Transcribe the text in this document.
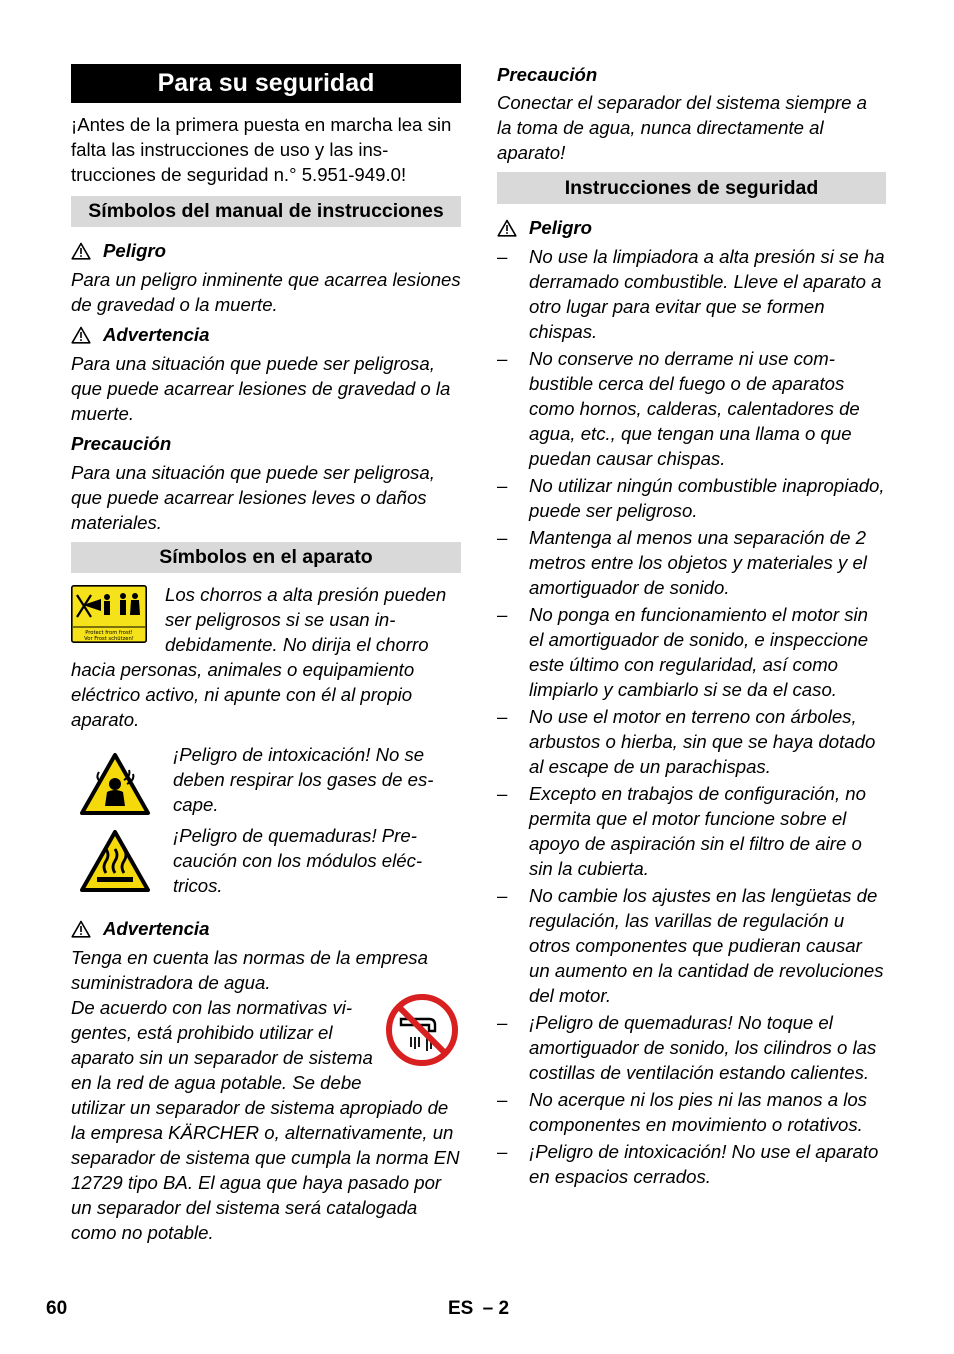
Para su seguridad

¡Antes de la primera puesta en marcha lea sin falta las instrucciones de uso y las instrucciones de seguridad n.° 5.951-949.0!

Símbolos del manual de instrucciones
Peligro

Para un peligro inminente que acarrea lesiones de gravedad o la muerte.

Advertencia

Para una situación que puede ser peligrosa, que puede acarrear lesiones de gravedad o la muerte.

Precaución

Para una situación que puede ser peligrosa, que puede acarrear lesiones leves o daños materiales.

Símbolos en el aparato
Protect from frost!
Vor Frost schützen!

Los chorros a alta presión pueden ser peligrosos si se usan indebidamente. No dirija el chorro hacia personas, animales o equipamiento eléctrico activo, ni apunte con él al propio aparato.

¡Peligro de intoxicación! No se deben respirar los gases de escape.

¡Peligro de quemaduras! Precaución con los módulos eléctricos.

Advertencia

Tenga en cuenta las normas de la empresa suministradora de agua.

De acuerdo con las normativas vigentes, está prohibido utilizar el aparato sin un separador de sistema en la red de agua potable. Se debe utilizar un separador de sistema apropiado de la empresa KÄRCHER o, alternativamente, un separador de sistema que cumpla la norma EN 12729 tipo BA. El agua que haya pasado por un separador del sistema será catalogada como no potable.

Precaución

Conectar el separador del sistema siempre a la toma de agua, nunca directamente al aparato!

Instrucciones de seguridad
Peligro
– No use la limpiadora a alta presión si se ha derramado combustible. Lleve el aparato a otro lugar para evitar que se formen chispas.
– No conserve no derrame ni use combustible cerca del fuego o de aparatos como hornos, calderas, calentadores de agua, etc., que tengan una llama o que puedan causar chispas.
– No utilizar ningún combustible inapropiado, puede ser peligroso.
– Mantenga al menos una separación de 2 metros entre los objetos y materiales y el amortiguador de sonido.
– No ponga en funcionamiento el motor sin el amortiguador de sonido, e inspeccione este último con regularidad, así como limpiarlo y cambiarlo si se da el caso.
– No use el motor en terreno con árboles, arbustos o hierba, sin que se haya dotado al escape de un parachispas.
– Excepto en trabajos de configuración, no permita que el motor funcione sobre el apoyo de aspiración sin el filtro de aire o sin la cubierta.
– No cambie los ajustes en las lengüetas de regulación, las varillas de regulación u otros componentes que pudieran causar un aumento en la cantidad de revoluciones del motor.
– ¡Peligro de quemaduras! No toque el amortiguador de sonido, los cilindros o las costillas de ventilación estando calientes.
– No acerque ni los pies ni las manos a los componentes en movimiento o rotativos.
– ¡Peligro de intoxicación! No use el aparato en espacios cerrados.
60	ES – 2
